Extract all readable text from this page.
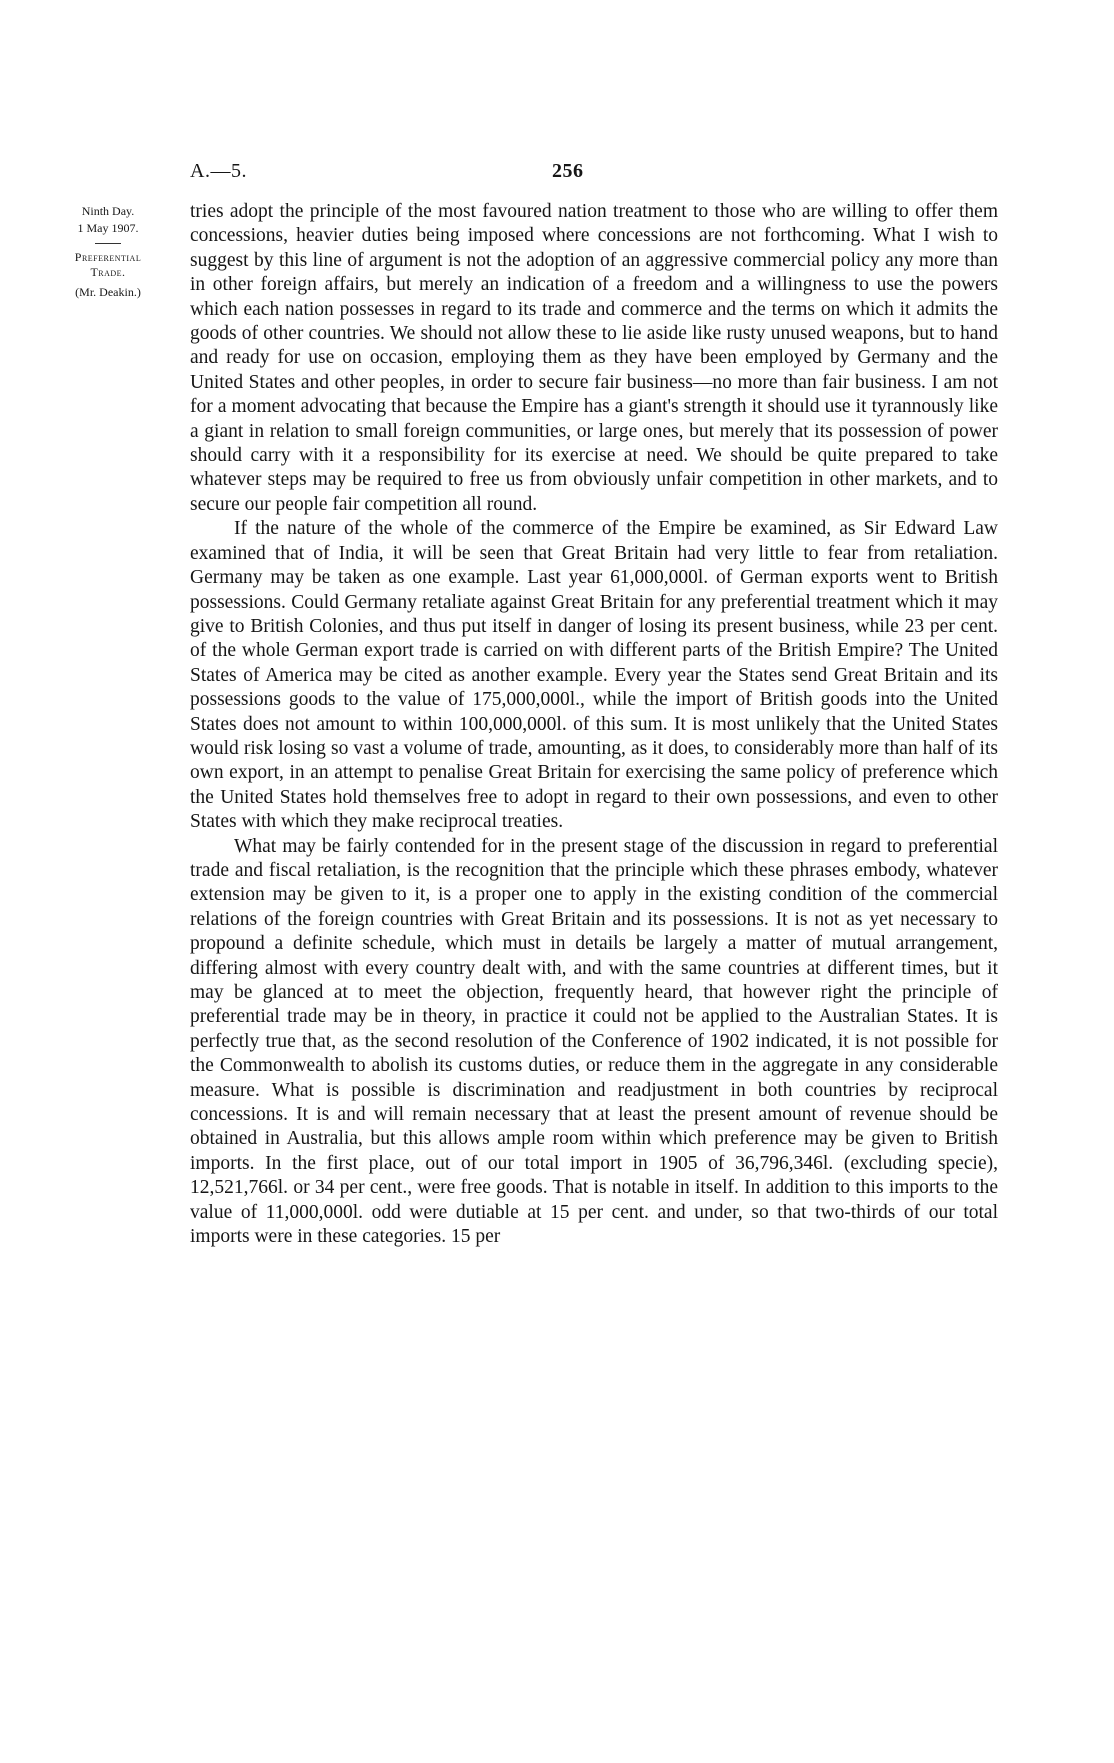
A.—5.	256
Ninth Day.
1 May 1907.
Preferential
Trade.
(Mr. Deakin.)

tries adopt the principle of the most favoured nation treatment to those who are willing to offer them concessions, heavier duties being imposed where concessions are not forthcoming. What I wish to suggest by this line of argument is not the adoption of an aggressive commercial policy any more than in other foreign affairs, but merely an indication of a freedom and a willingness to use the powers which each nation possesses in regard to its trade and commerce and the terms on which it admits the goods of other countries. We should not allow these to lie aside like rusty unused weapons, but to hand and ready for use on occasion, employing them as they have been employed by Germany and the United States and other peoples, in order to secure fair business—no more than fair business. I am not for a moment advocating that because the Empire has a giant's strength it should use it tyrannously like a giant in relation to small foreign communities, or large ones, but merely that its possession of power should carry with it a responsibility for its exercise at need. We should be quite prepared to take whatever steps may be required to free us from obviously unfair competition in other markets, and to secure our people fair competition all round.

If the nature of the whole of the commerce of the Empire be examined, as Sir Edward Law examined that of India, it will be seen that Great Britain had very little to fear from retaliation. Germany may be taken as one example. Last year 61,000,000l. of German exports went to British possessions. Could Germany retaliate against Great Britain for any preferential treatment which it may give to British Colonies, and thus put itself in danger of losing its present business, while 23 per cent. of the whole German export trade is carried on with different parts of the British Empire? The United States of America may be cited as another example. Every year the States send Great Britain and its possessions goods to the value of 175,000,000l., while the import of British goods into the United States does not amount to within 100,000,000l. of this sum. It is most unlikely that the United States would risk losing so vast a volume of trade, amounting, as it does, to considerably more than half of its own export, in an attempt to penalise Great Britain for exercising the same policy of preference which the United States hold themselves free to adopt in regard to their own possessions, and even to other States with which they make reciprocal treaties.

What may be fairly contended for in the present stage of the discussion in regard to preferential trade and fiscal retaliation, is the recognition that the principle which these phrases embody, whatever extension may be given to it, is a proper one to apply in the existing condition of the commercial relations of the foreign countries with Great Britain and its possessions. It is not as yet necessary to propound a definite schedule, which must in details be largely a matter of mutual arrangement, differing almost with every country dealt with, and with the same countries at different times, but it may be glanced at to meet the objection, frequently heard, that however right the principle of preferential trade may be in theory, in practice it could not be applied to the Australian States. It is perfectly true that, as the second resolution of the Conference of 1902 indicated, it is not possible for the Commonwealth to abolish its customs duties, or reduce them in the aggregate in any considerable measure. What is possible is discrimination and readjustment in both countries by reciprocal concessions. It is and will remain necessary that at least the present amount of revenue should be obtained in Australia, but this allows ample room within which preference may be given to British imports. In the first place, out of our total import in 1905 of 36,796,346l. (excluding specie), 12,521,766l. or 34 per cent., were free goods. That is notable in itself. In addition to this imports to the value of 11,000,000l. odd were dutiable at 15 per cent. and under, so that two-thirds of our total imports were in these categories. 15 per
